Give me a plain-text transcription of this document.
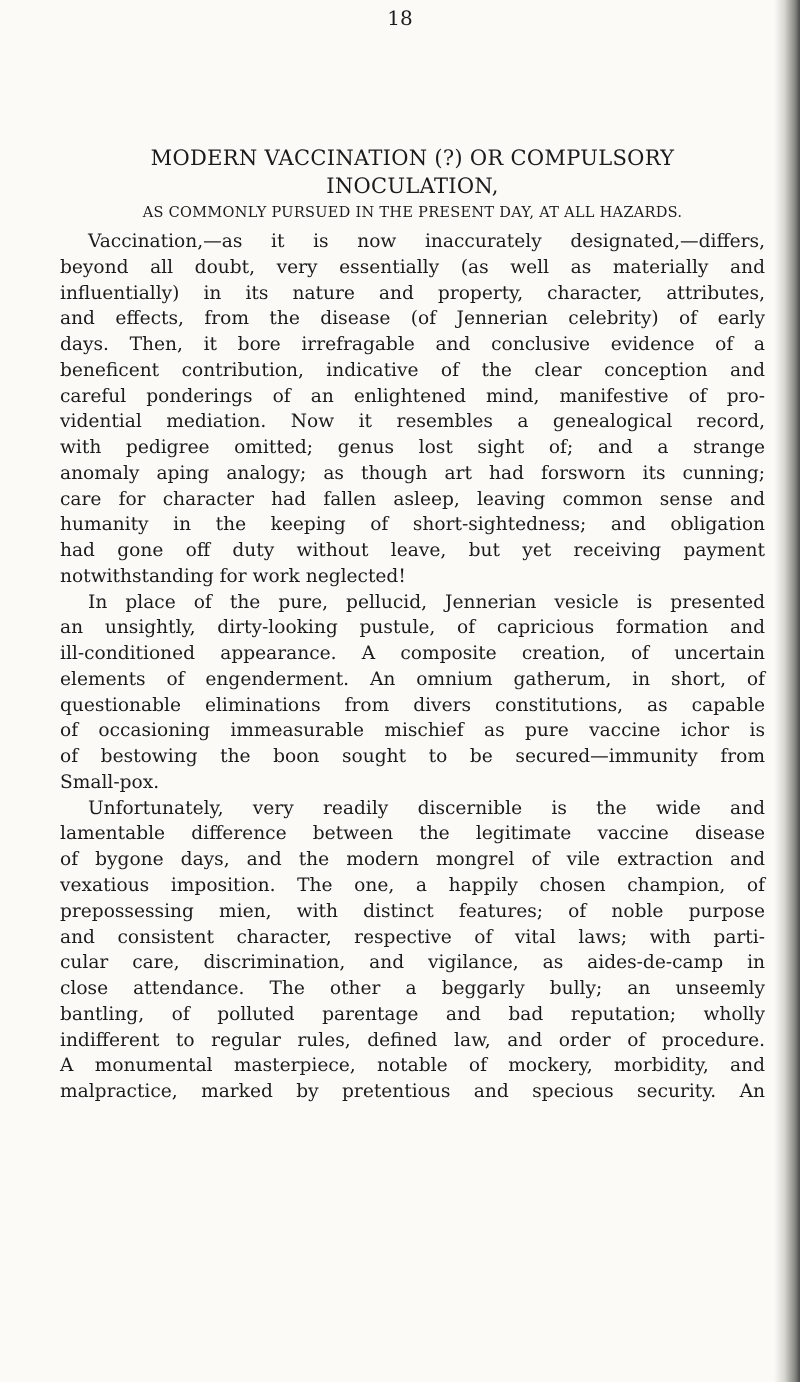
18
MODERN VACCINATION (?) OR COMPULSORY
INOCULATION,
AS COMMONLY PURSUED IN THE PRESENT DAY, AT ALL HAZARDS.
Vaccination,—as it is now inaccurately designated,—differs,
beyond all doubt, very essentially (as well as materially and
influentially) in its nature and property, character, attributes,
and effects, from the disease (of Jennerian celebrity) of early
days. Then, it bore irrefragable and conclusive evidence of a
beneficent contribution, indicative of the clear conception and
careful ponderings of an enlightened mind, manifestive of pro-
vidential mediation. Now it resembles a genealogical record,
with pedigree omitted; genus lost sight of; and a strange
anomaly aping analogy; as though art had forsworn its cunning;
care for character had fallen asleep, leaving common sense and
humanity in the keeping of short-sightedness; and obligation
had gone off duty without leave, but yet receiving payment
notwithstanding for work neglected!
In place of the pure, pellucid, Jennerian vesicle is presented
an unsightly, dirty-looking pustule, of capricious formation and
ill-conditioned appearance. A composite creation, of uncertain
elements of engenderment. An omnium gatherum, in short, of
questionable eliminations from divers constitutions, as capable
of occasioning immeasurable mischief as pure vaccine ichor is
of bestowing the boon sought to be secured—immunity from
Small-pox.
Unfortunately, very readily discernible is the wide and
lamentable difference between the legitimate vaccine disease
of bygone days, and the modern mongrel of vile extraction and
vexatious imposition. The one, a happily chosen champion, of
prepossessing mien, with distinct features; of noble purpose
and consistent character, respective of vital laws; with parti-
cular care, discrimination, and vigilance, as aides-de-camp in
close attendance. The other a beggarly bully; an unseemly
bantling, of polluted parentage and bad reputation; wholly
indifferent to regular rules, defined law, and order of procedure.
A monumental masterpiece, notable of mockery, morbidity, and
malpractice, marked by pretentious and specious security. An
